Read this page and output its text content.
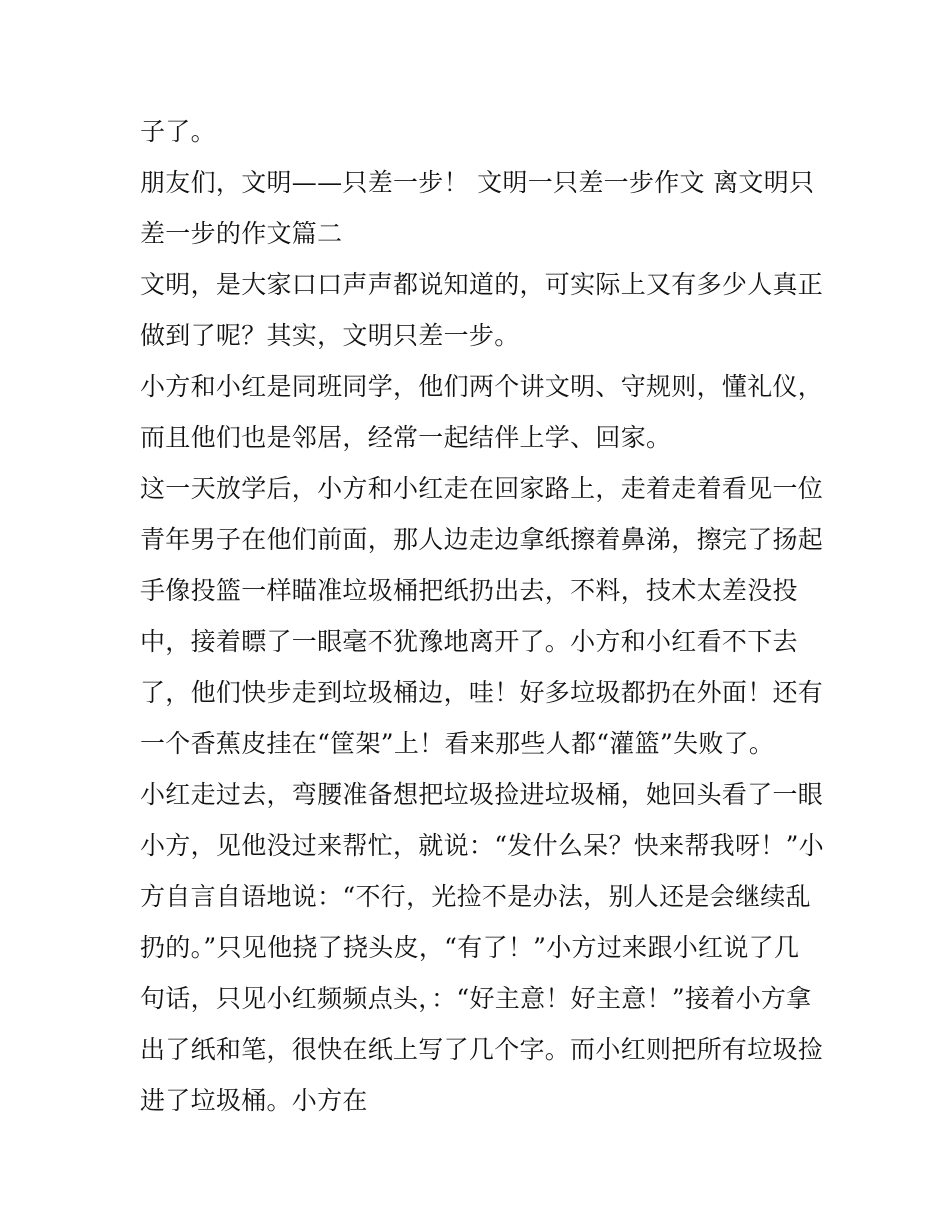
子了。
朋友们，文明——只差一步！ 文明一只差一步作文 离文明只
差一步的作文篇二
文明，是大家口口声声都说知道的，可实际上又有多少人真正
做到了呢？其实，文明只差一步。
小方和小红是同班同学，他们两个讲文明、守规则，懂礼仪，
而且他们也是邻居，经常一起结伴上学、回家。
这一天放学后，小方和小红走在回家路上，走着走着看见一位
青年男子在他们前面，那人边走边拿纸擦着鼻涕，擦完了扬起
手像投篮一样瞄准垃圾桶把纸扔出去，不料，技术太差没投
中，接着瞟了一眼毫不犹豫地离开了。小方和小红看不下去
了，他们快步走到垃圾桶边，哇！好多垃圾都扔在外面！还有
一个香蕉皮挂在“筐架”上！看来那些人都“灌篮”失败了。
小红走过去，弯腰准备想把垃圾捡进垃圾桶，她回头看了一眼
小方，见他没过来帮忙，就说：“发什么呆？快来帮我呀！”小
方自言自语地说：“不行，光捡不是办法，别人还是会继续乱
扔的。”只见他挠了挠头皮，“有了！”小方过来跟小红说了几
句话，只见小红频频点头，：“好主意！好主意！”接着小方拿
出了纸和笔，很快在纸上写了几个字。而小红则把所有垃圾捡
进了垃圾桶。小方在
